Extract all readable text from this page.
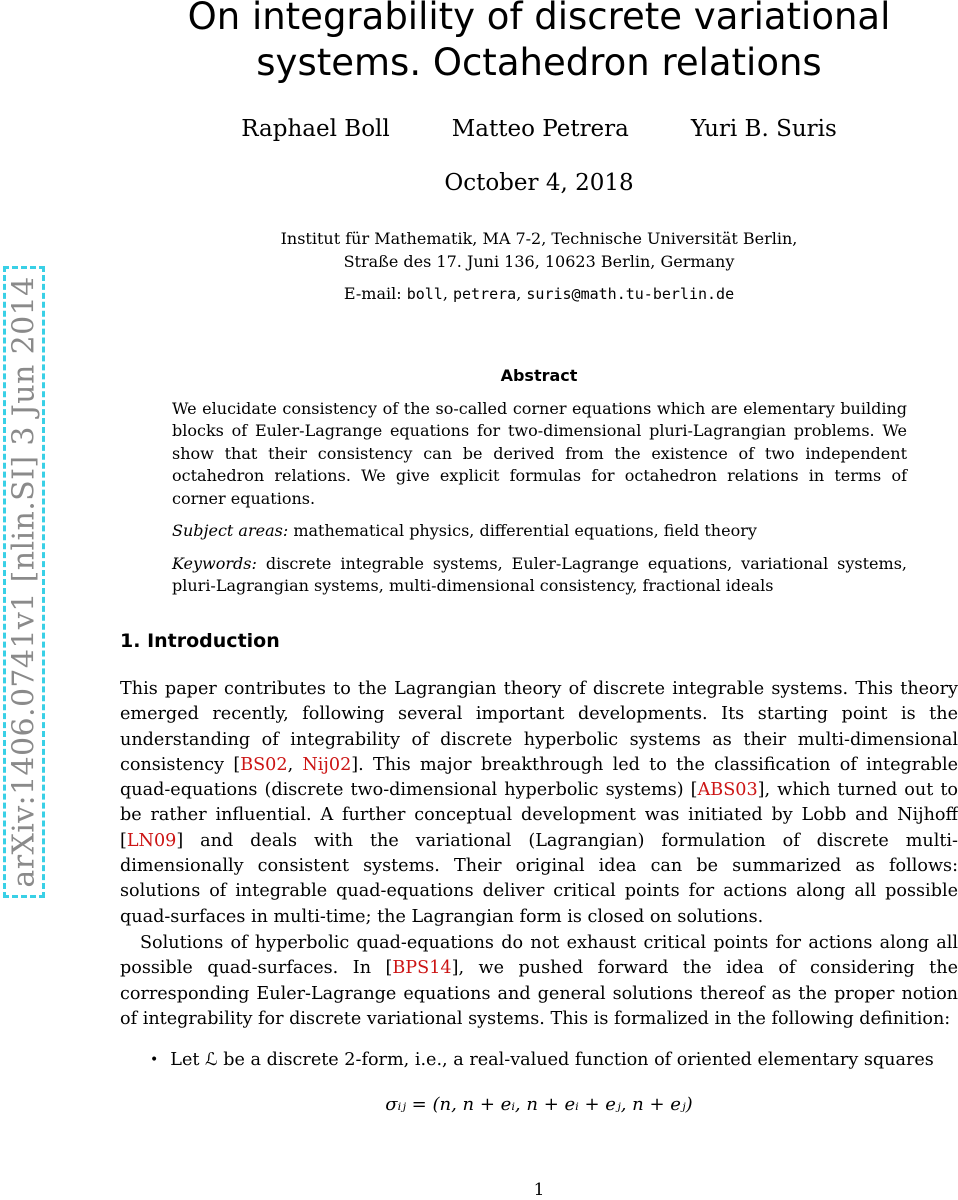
arXiv:1406.0741v1 [nlin.SI] 3 Jun 2014
On integrability of discrete variational
systems. Octahedron relations
Raphael Boll	Matteo Petrera	Yuri B. Suris
October 4, 2018
Institut für Mathematik, MA 7-2, Technische Universität Berlin,
Straße des 17. Juni 136, 10623 Berlin, Germany
E-mail: boll, petrera, suris@math.tu-berlin.de
Abstract

We elucidate consistency of the so-called corner equations which are elementary building blocks of Euler-Lagrange equations for two-dimensional pluri-Lagrangian problems. We show that their consistency can be derived from the existence of two independent octahedron relations. We give explicit formulas for octahedron relations in terms of corner equations.

Subject areas: mathematical physics, differential equations, field theory

Keywords: discrete integrable systems, Euler-Lagrange equations, variational systems, pluri-Lagrangian systems, multi-dimensional consistency, fractional ideals

1. Introduction

This paper contributes to the Lagrangian theory of discrete integrable systems. This theory emerged recently, following several important developments. Its starting point is the understanding of integrability of discrete hyperbolic systems as their multi-dimensional consistency [BS02, Nij02]. This major breakthrough led to the classification of integrable quad-equations (discrete two-dimensional hyperbolic systems) [ABS03], which turned out to be rather influential. A further conceptual development was initiated by Lobb and Nijhoff [LN09] and deals with the variational (Lagrangian) formulation of discrete multi-dimensionally consistent systems. Their original idea can be summarized as follows: solutions of integrable quad-equations deliver critical points for actions along all possible quad-surfaces in multi-time; the Lagrangian form is closed on solutions.

Solutions of hyperbolic quad-equations do not exhaust critical points for actions along all possible quad-surfaces. In [BPS14], we pushed forward the idea of considering the corresponding Euler-Lagrange equations and general solutions thereof as the proper notion of integrability for discrete variational systems. This is formalized in the following definition:

• Let ℒ be a discrete 2-form, i.e., a real-valued function of oriented elementary squares
σᵢⱼ = (n, n + eᵢ, n + eᵢ + eⱼ, n + eⱼ)
1
